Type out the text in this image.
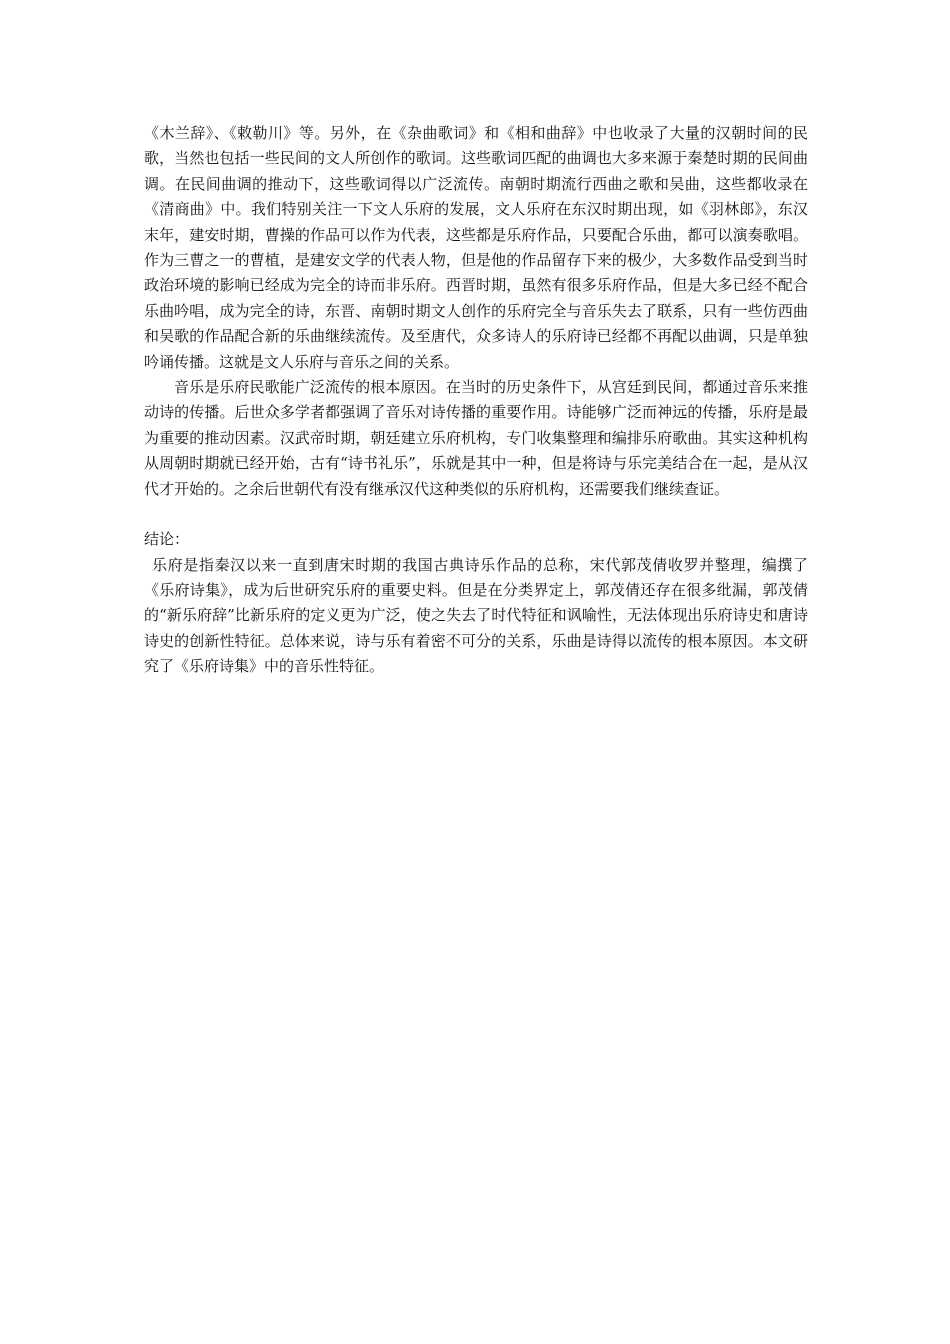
《木兰辞》、《敕勒川》等。另外，在《杂曲歌词》和《相和曲辞》中也收录了大量的汉朝时间的民歌，当然也包括一些民间的文人所创作的歌词。这些歌词匹配的曲调也大多来源于秦楚时期的民间曲调。在民间曲调的推动下，这些歌词得以广泛流传。南朝时期流行西曲之歌和吴曲，这些都收录在《清商曲》中。我们特别关注一下文人乐府的发展，文人乐府在东汉时期出现，如《羽林郎》，东汉末年，建安时期，曹操的作品可以作为代表，这些都是乐府作品，只要配合乐曲，都可以演奏歌唱。作为三曹之一的曹植，是建安文学的代表人物，但是他的作品留存下来的极少，大多数作品受到当时政治环境的影响已经成为完全的诗而非乐府。西晋时期，虽然有很多乐府作品，但是大多已经不配合乐曲吟唱，成为完全的诗，东晋、南朝时期文人创作的乐府完全与音乐失去了联系，只有一些仿西曲和吴歌的作品配合新的乐曲继续流传。及至唐代，众多诗人的乐府诗已经都不再配以曲调，只是单独吟诵传播。这就是文人乐府与音乐之间的关系。

音乐是乐府民歌能广泛流传的根本原因。在当时的历史条件下，从宫廷到民间，都通过音乐来推动诗的传播。后世众多学者都强调了音乐对诗传播的重要作用。诗能够广泛而神远的传播，乐府是最为重要的推动因素。汉武帝时期，朝廷建立乐府机构，专门收集整理和编排乐府歌曲。其实这种机构从周朝时期就已经开始，古有“诗书礼乐”，乐就是其中一种，但是将诗与乐完美结合在一起，是从汉代才开始的。之余后世朝代有没有继承汉代这种类似的乐府机构，还需要我们继续查证。

结论：

乐府是指秦汉以来一直到唐宋时期的我国古典诗乐作品的总称，宋代郭茂倩收罗并整理，编撰了《乐府诗集》，成为后世研究乐府的重要史料。但是在分类界定上，郭茂倩还存在很多纰漏，郭茂倩的“新乐府辞”比新乐府的定义更为广泛，使之失去了时代特征和讽喻性，无法体现出乐府诗史和唐诗诗史的创新性特征。总体来说，诗与乐有着密不可分的关系，乐曲是诗得以流传的根本原因。本文研究了《乐府诗集》中的音乐性特征。
